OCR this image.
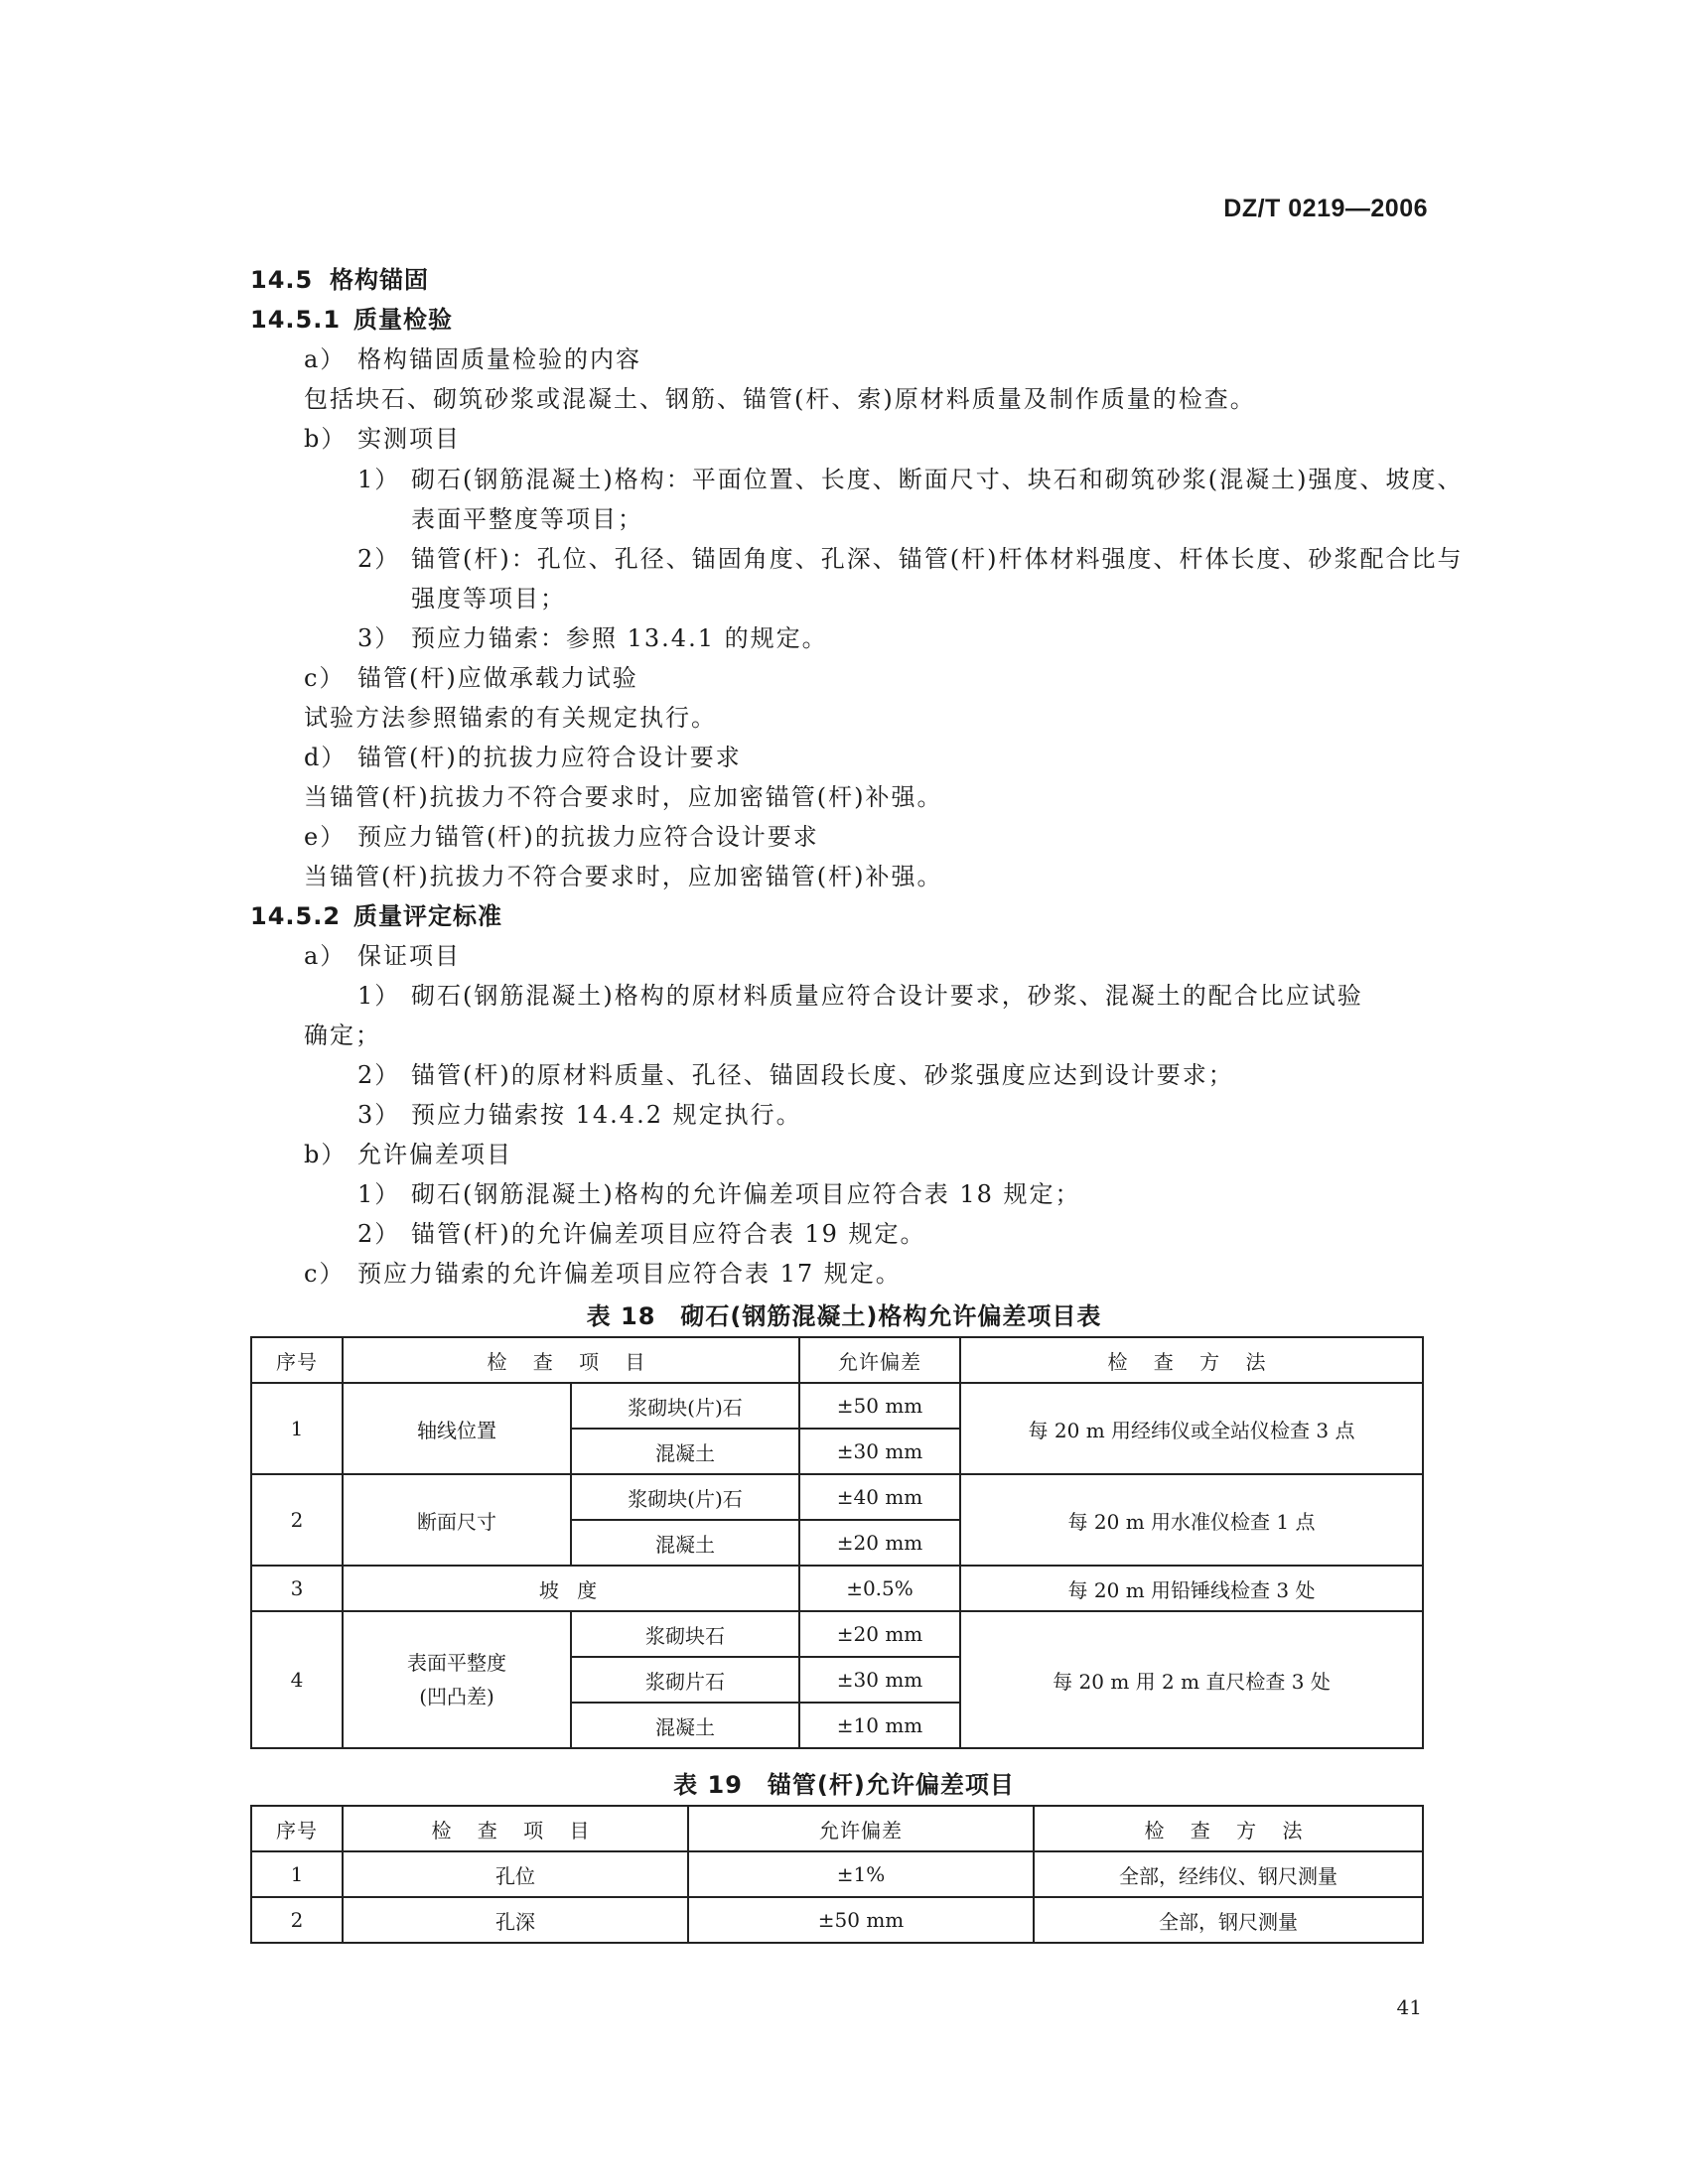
DZ/T 0219—2006
14.5 格构锚固
14.5.1 质量检验
a） 格构锚固质量检验的内容
包括块石、砌筑砂浆或混凝土、钢筋、锚管(杆、索)原材料质量及制作质量的检查。
b） 实测项目
1） 砌石(钢筋混凝土)格构：平面位置、长度、断面尺寸、块石和砌筑砂浆(混凝土)强度、坡度、
表面平整度等项目；
2） 锚管(杆)：孔位、孔径、锚固角度、孔深、锚管(杆)杆体材料强度、杆体长度、砂浆配合比与
强度等项目；
3） 预应力锚索：参照 13.4.1 的规定。
c） 锚管(杆)应做承载力试验
试验方法参照锚索的有关规定执行。
d） 锚管(杆)的抗拔力应符合设计要求
当锚管(杆)抗拔力不符合要求时，应加密锚管(杆)补强。
e） 预应力锚管(杆)的抗拔力应符合设计要求
当锚管(杆)抗拔力不符合要求时，应加密锚管(杆)补强。
14.5.2 质量评定标准
a） 保证项目
1） 砌石(钢筋混凝土)格构的原材料质量应符合设计要求，砂浆、混凝土的配合比应试验
确定；
2） 锚管(杆)的原材料质量、孔径、锚固段长度、砂浆强度应达到设计要求；
3） 预应力锚索按 14.4.2 规定执行。
b） 允许偏差项目
1） 砌石(钢筋混凝土)格构的允许偏差项目应符合表 18 规定；
2） 锚管(杆)的允许偏差项目应符合表 19 规定。
c） 预应力锚索的允许偏差项目应符合表 17 规定。
表 18　砌石(钢筋混凝土)格构允许偏差项目表
序号	检 查 项 目		允许偏差	检 查 方 法
1	轴线位置	浆砌块(片)石	±50 mm	每 20 m 用经纬仪或全站仪检查 3 点
		混凝土	±30 mm	
2	断面尺寸	浆砌块(片)石	±40 mm	每 20 m 用水准仪检查 1 点
		混凝土	±20 mm	
3	坡 度		±0.5%	每 20 m 用铅锤线检查 3 处
4	表面平整度
(凹凸差)	浆砌块石	±20 mm	每 20 m 用 2 m 直尺检查 3 处
		浆砌片石	±30 mm	
		混凝土	±10 mm	
表 19　锚管(杆)允许偏差项目
序号	检 查 项 目	允许偏差	检 查 方 法
1	孔位	±1%	全部，经纬仪、钢尺测量
2	孔深	±50 mm	全部，钢尺测量
41
